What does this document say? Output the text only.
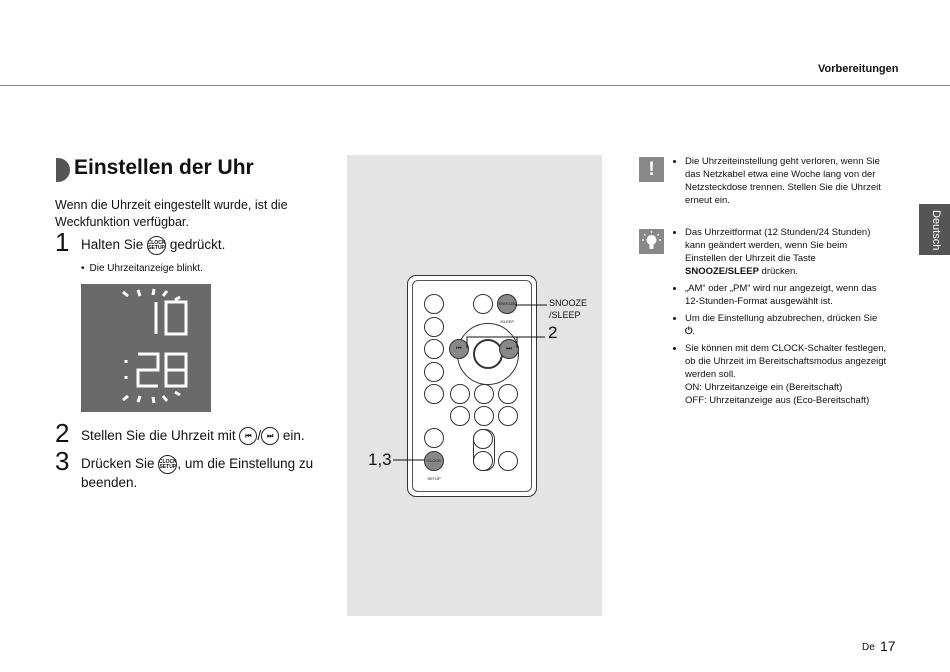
Vorbereitungen
Einstellen der Uhr
Wenn die Uhrzeit eingestellt wurde, ist die Weckfunktion verfügbar.
1 Halten Sie CLOCK SETUP gedrückt.
• Die Uhrzeitanzeige blinkt.
2 Stellen Sie die Uhrzeit mit ⏮ / ⏭ ein.
3 Drücken Sie CLOCK SETUP , um die Einstellung zu
beenden.
SNOOZE /SLEEP
⏮	⏭
CLOCK SETUP
SNOOZE
/SLEEP
2
1,3
!
•	Die Uhrzeiteinstellung geht verloren, wenn Sie das Netzkabel etwa eine Woche lang von der Netzsteckdose trennen. Stellen Sie die Uhrzeit erneut ein.
• Das Uhrzeitformat (12 Stunden/24 Stunden) kann geändert werden, wenn Sie beim Einstellen der Uhrzeit die Taste SNOOZE/SLEEP drücken.
• „AM“ oder „PM“ wird nur angezeigt, wenn das 12-Stunden-Format ausgewählt ist.
• Um die Einstellung abzubrechen, drücken Sie ⏻.
• Sie können mit dem CLOCK-Schalter festlegen, ob die Uhrzeit im Bereitschaftsmodus angezeigt werden soll.
ON: Uhrzeitanzeige ein (Bereitschaft)
OFF: Uhrzeitanzeige aus (Eco-Bereitschaft)
Deutsch
De 17
